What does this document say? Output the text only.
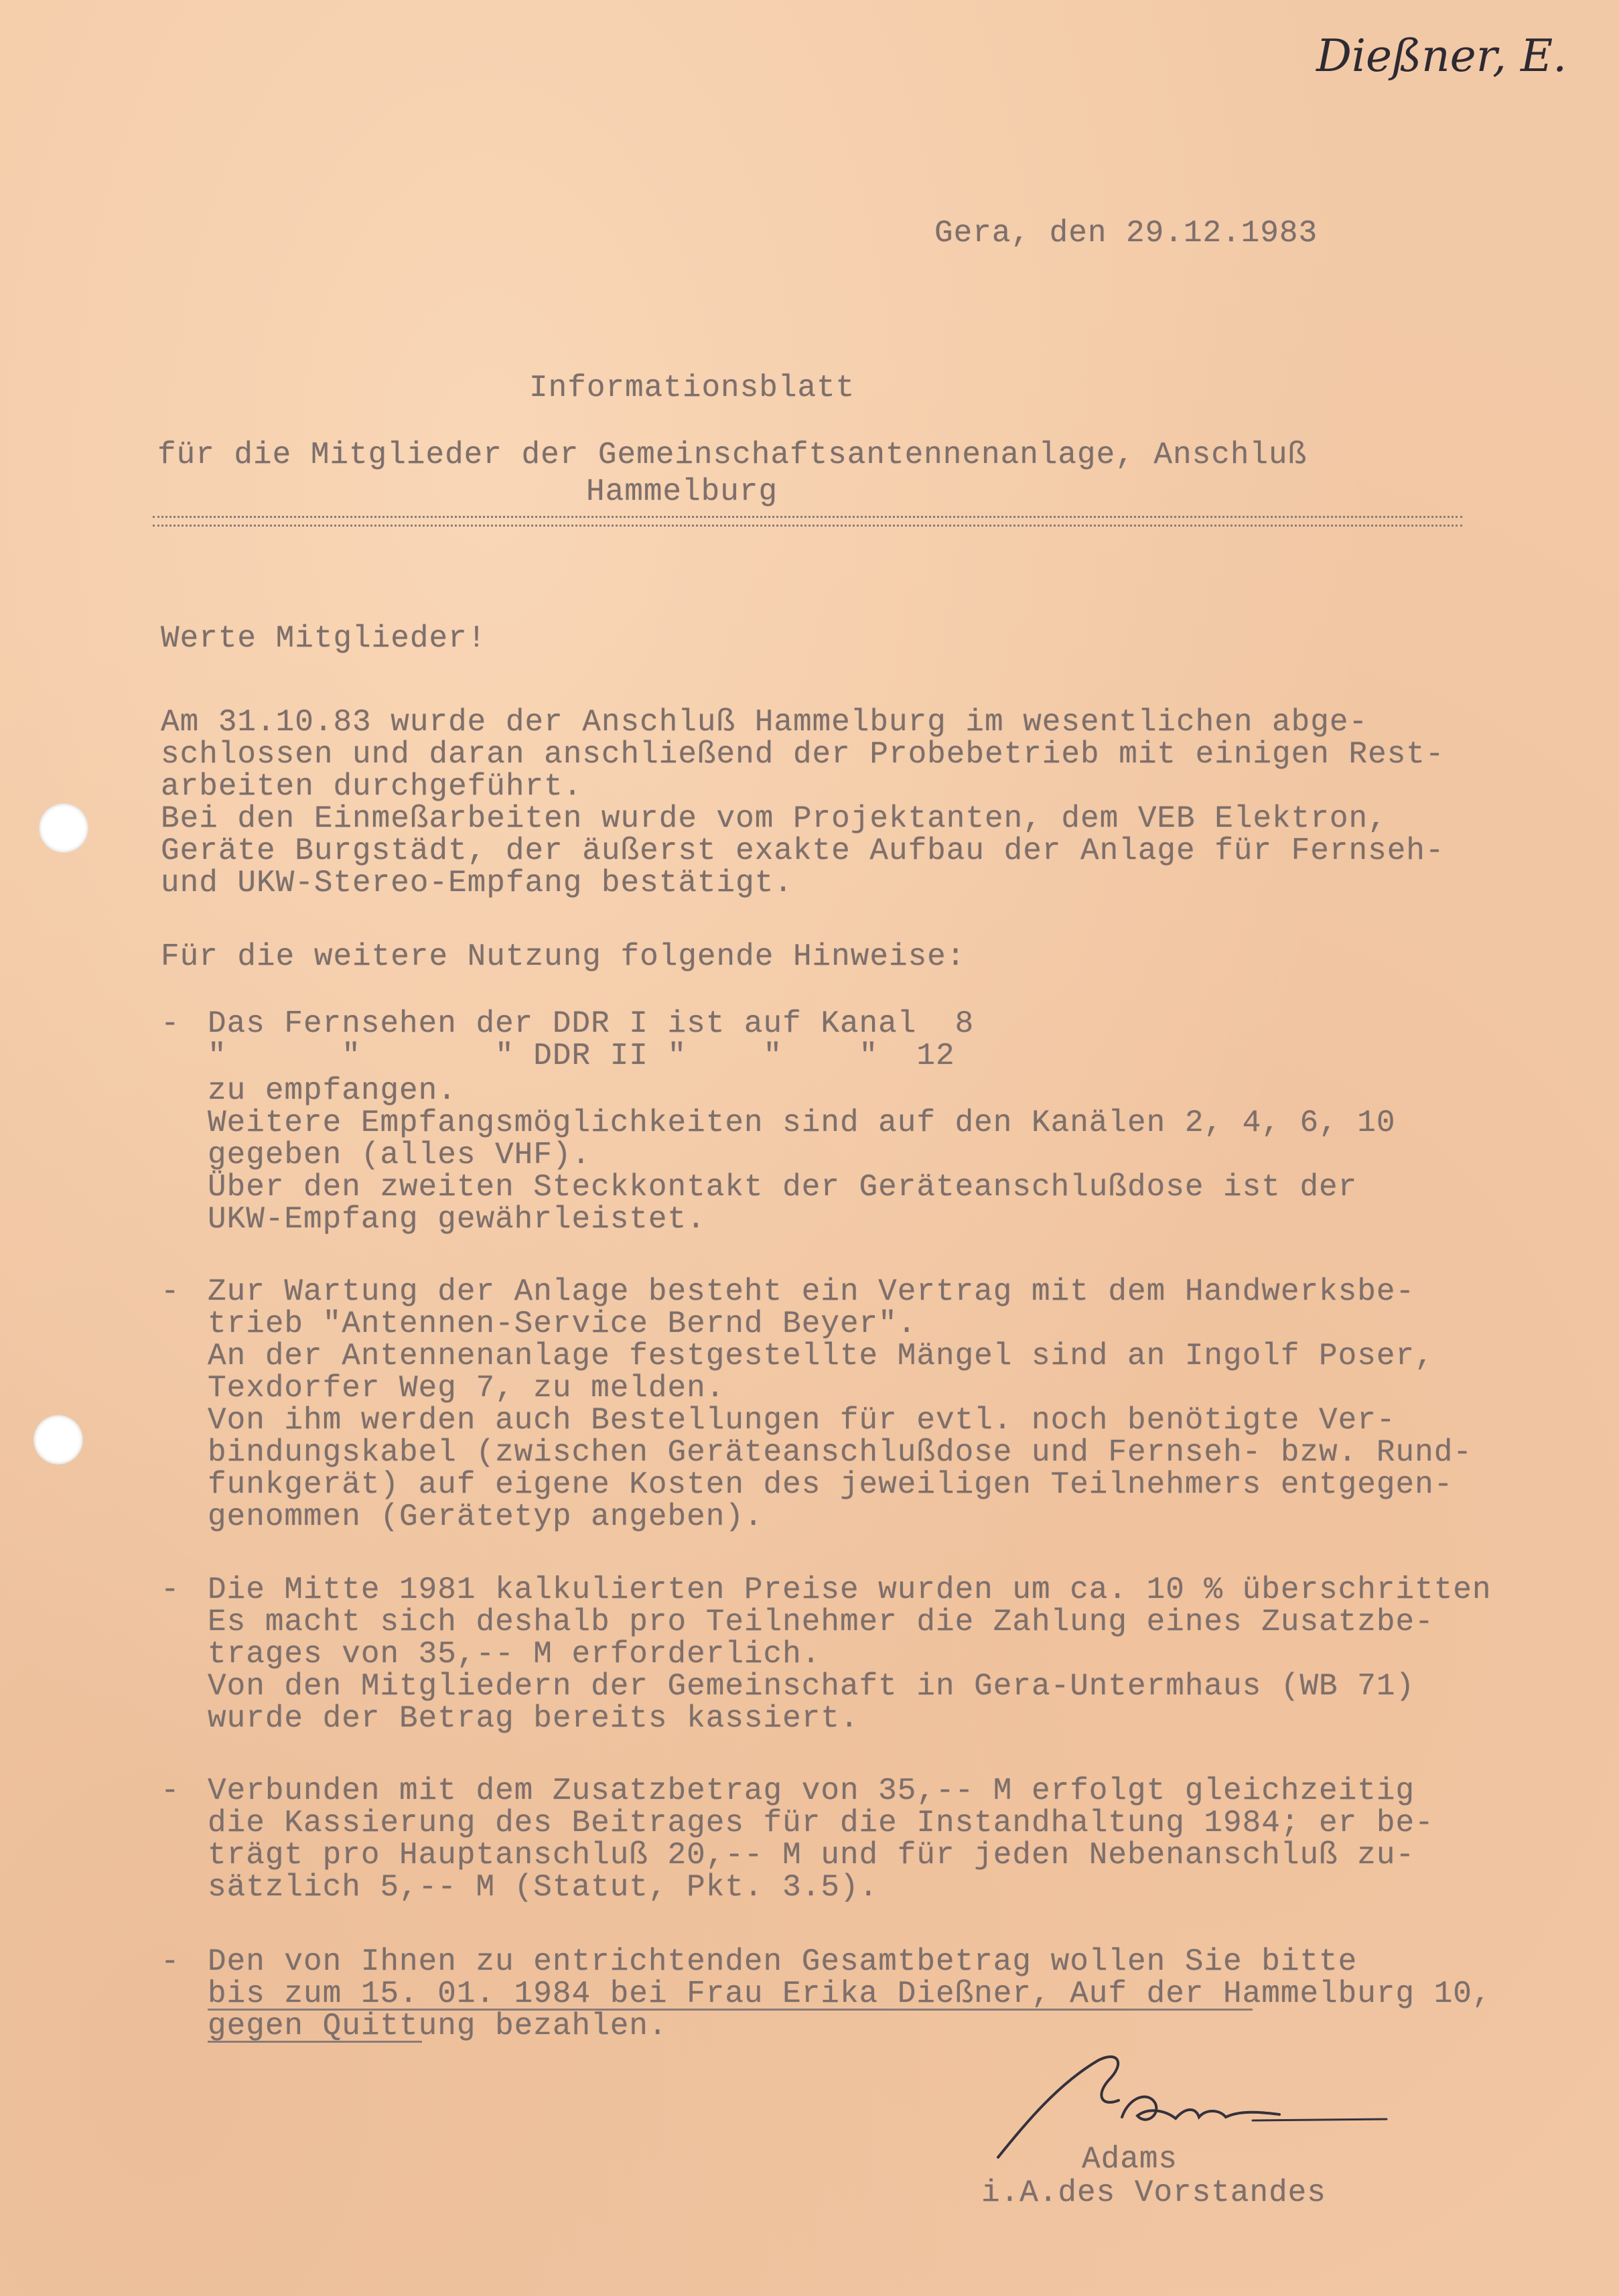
Dießner, E.
Gera, den 29.12.1983
Informationsblatt
für die Mitglieder der Gemeinschaftsantennenanlage, Anschluß
Hammelburg
Werte Mitglieder!
Am 31.10.83 wurde der Anschluß Hammelburg im wesentlichen abge-
schlossen und daran anschließend der Probebetrieb mit einigen Rest-
arbeiten durchgeführt.
Bei den Einmeßarbeiten wurde vom Projektanten, dem VEB Elektron,
Geräte Burgstädt, der äußerst exakte Aufbau der Anlage für Fernseh-
und UKW-Stereo-Empfang bestätigt.
Für die weitere Nutzung folgende Hinweise:
- Das Fernsehen der DDR I ist auf Kanal  8
"      "       " DDR II "    "    "  12
zu empfangen.
Weitere Empfangsmöglichkeiten sind auf den Kanälen 2, 4, 6, 10
gegeben (alles VHF).
Über den zweiten Steckkontakt der Geräteanschlußdose ist der
UKW-Empfang gewährleistet.
- Zur Wartung der Anlage besteht ein Vertrag mit dem Handwerksbe-
trieb "Antennen-Service Bernd Beyer".
An der Antennenanlage festgestellte Mängel sind an Ingolf Poser,
Texdorfer Weg 7, zu melden.
Von ihm werden auch Bestellungen für evtl. noch benötigte Ver-
bindungskabel (zwischen Geräteanschlußdose und Fernseh- bzw. Rund-
funkgerät) auf eigene Kosten des jeweiligen Teilnehmers entgegen-
genommen (Gerätetyp angeben).
- Die Mitte 1981 kalkulierten Preise wurden um ca. 10 % überschritten
Es macht sich deshalb pro Teilnehmer die Zahlung eines Zusatzbe-
trages von 35,-- M erforderlich.
Von den Mitgliedern der Gemeinschaft in Gera-Untermhaus (WB 71)
wurde der Betrag bereits kassiert.
- Verbunden mit dem Zusatzbetrag von 35,-- M erfolgt gleichzeitig
die Kassierung des Beitrages für die Instandhaltung 1984; er be-
trägt pro Hauptanschluß 20,-- M und für jeden Nebenanschluß zu-
sätzlich 5,-- M (Statut, Pkt. 3.5).
- Den von Ihnen zu entrichtenden Gesamtbetrag wollen Sie bitte
bis zum 15. 01. 1984 bei Frau Erika Dießner, Auf der Hammelburg 10,
gegen Quittung bezahlen.
Adams
i.A.des Vorstandes
